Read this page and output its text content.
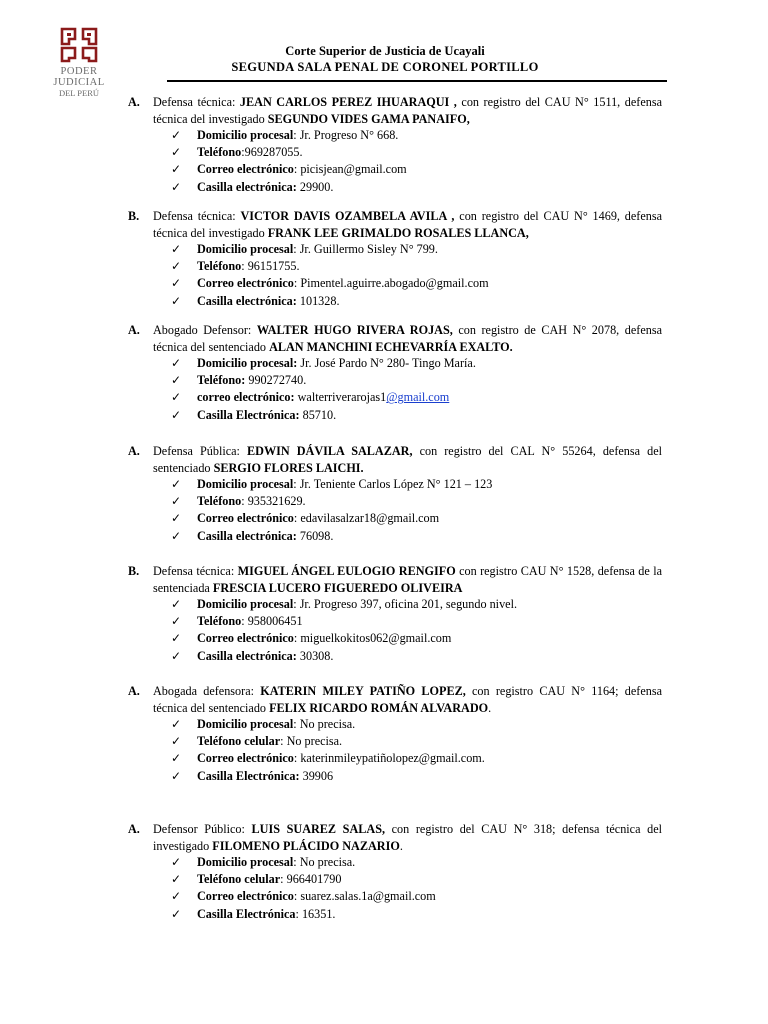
PODER JUDICIAL
DEL PERÚ
Corte Superior de Justicia de Ucayali
SEGUNDA SALA PENAL DE CORONEL PORTILLO
A. Defensa técnica: JEAN CARLOS PEREZ IHUARAQUI , con registro del CAU N° 1511, defensa técnica del investigado SEGUNDO VIDES GAMA PANAIFO,
✓ Domicilio procesal: Jr. Progreso N° 668.
✓ Teléfono:969287055.
✓ Correo electrónico: picisjean@gmail.com
✓ Casilla electrónica: 29900.
B. Defensa técnica: VICTOR DAVIS OZAMBELA AVILA , con registro del CAU N° 1469, defensa técnica del investigado FRANK LEE GRIMALDO ROSALES LLANCA,
✓ Domicilio procesal: Jr. Guillermo Sisley N° 799.
✓ Teléfono: 96151755.
✓ Correo electrónico: Pimentel.aguirre.abogado@gmail.com
✓ Casilla electrónica: 101328.
A. Abogado Defensor: WALTER HUGO RIVERA ROJAS, con registro de CAH N° 2078, defensa técnica del sentenciado ALAN MANCHINI ECHEVARRÍA EXALTO.
✓ Domicilio procesal: Jr. José Pardo N° 280- Tingo María.
✓ Teléfono: 990272740.
✓ correo electrónico: walterriverarojas1@gmail.com
✓ Casilla Electrónica: 85710.
A. Defensa Pública: EDWIN DÁVILA SALAZAR, con registro del CAL N° 55264, defensa del sentenciado SERGIO FLORES LAICHI.
✓ Domicilio procesal: Jr. Teniente Carlos López N° 121 – 123
✓ Teléfono: 935321629.
✓ Correo electrónico: edavilasalzar18@gmail.com
✓ Casilla electrónica: 76098.
B. Defensa técnica: MIGUEL ÁNGEL EULOGIO RENGIFO con registro CAU N° 1528, defensa de la sentenciada FRESCIA LUCERO FIGUEREDO OLIVEIRA
✓ Domicilio procesal: Jr. Progreso 397, oficina 201, segundo nivel.
✓ Teléfono: 958006451
✓ Correo electrónico: miguelkokitos062@gmail.com
✓ Casilla electrónica: 30308.
A. Abogada defensora: KATERIN MILEY PATIÑO LOPEZ, con registro CAU N° 1164; defensa técnica del sentenciado FELIX RICARDO ROMÁN ALVARADO.
✓ Domicilio procesal: No precisa.
✓ Teléfono celular: No precisa.
✓ Correo electrónico: katerinmileypatiñolopez@gmail.com.
✓ Casilla Electrónica: 39906
A. Defensor Público: LUIS SUAREZ SALAS, con registro del CAU N° 318; defensa técnica del investigado FILOMENO PLÁCIDO NAZARIO.
✓ Domicilio procesal: No precisa.
✓ Teléfono celular: 966401790
✓ Correo electrónico: suarez.salas.1a@gmail.com
✓ Casilla Electrónica: 16351.
